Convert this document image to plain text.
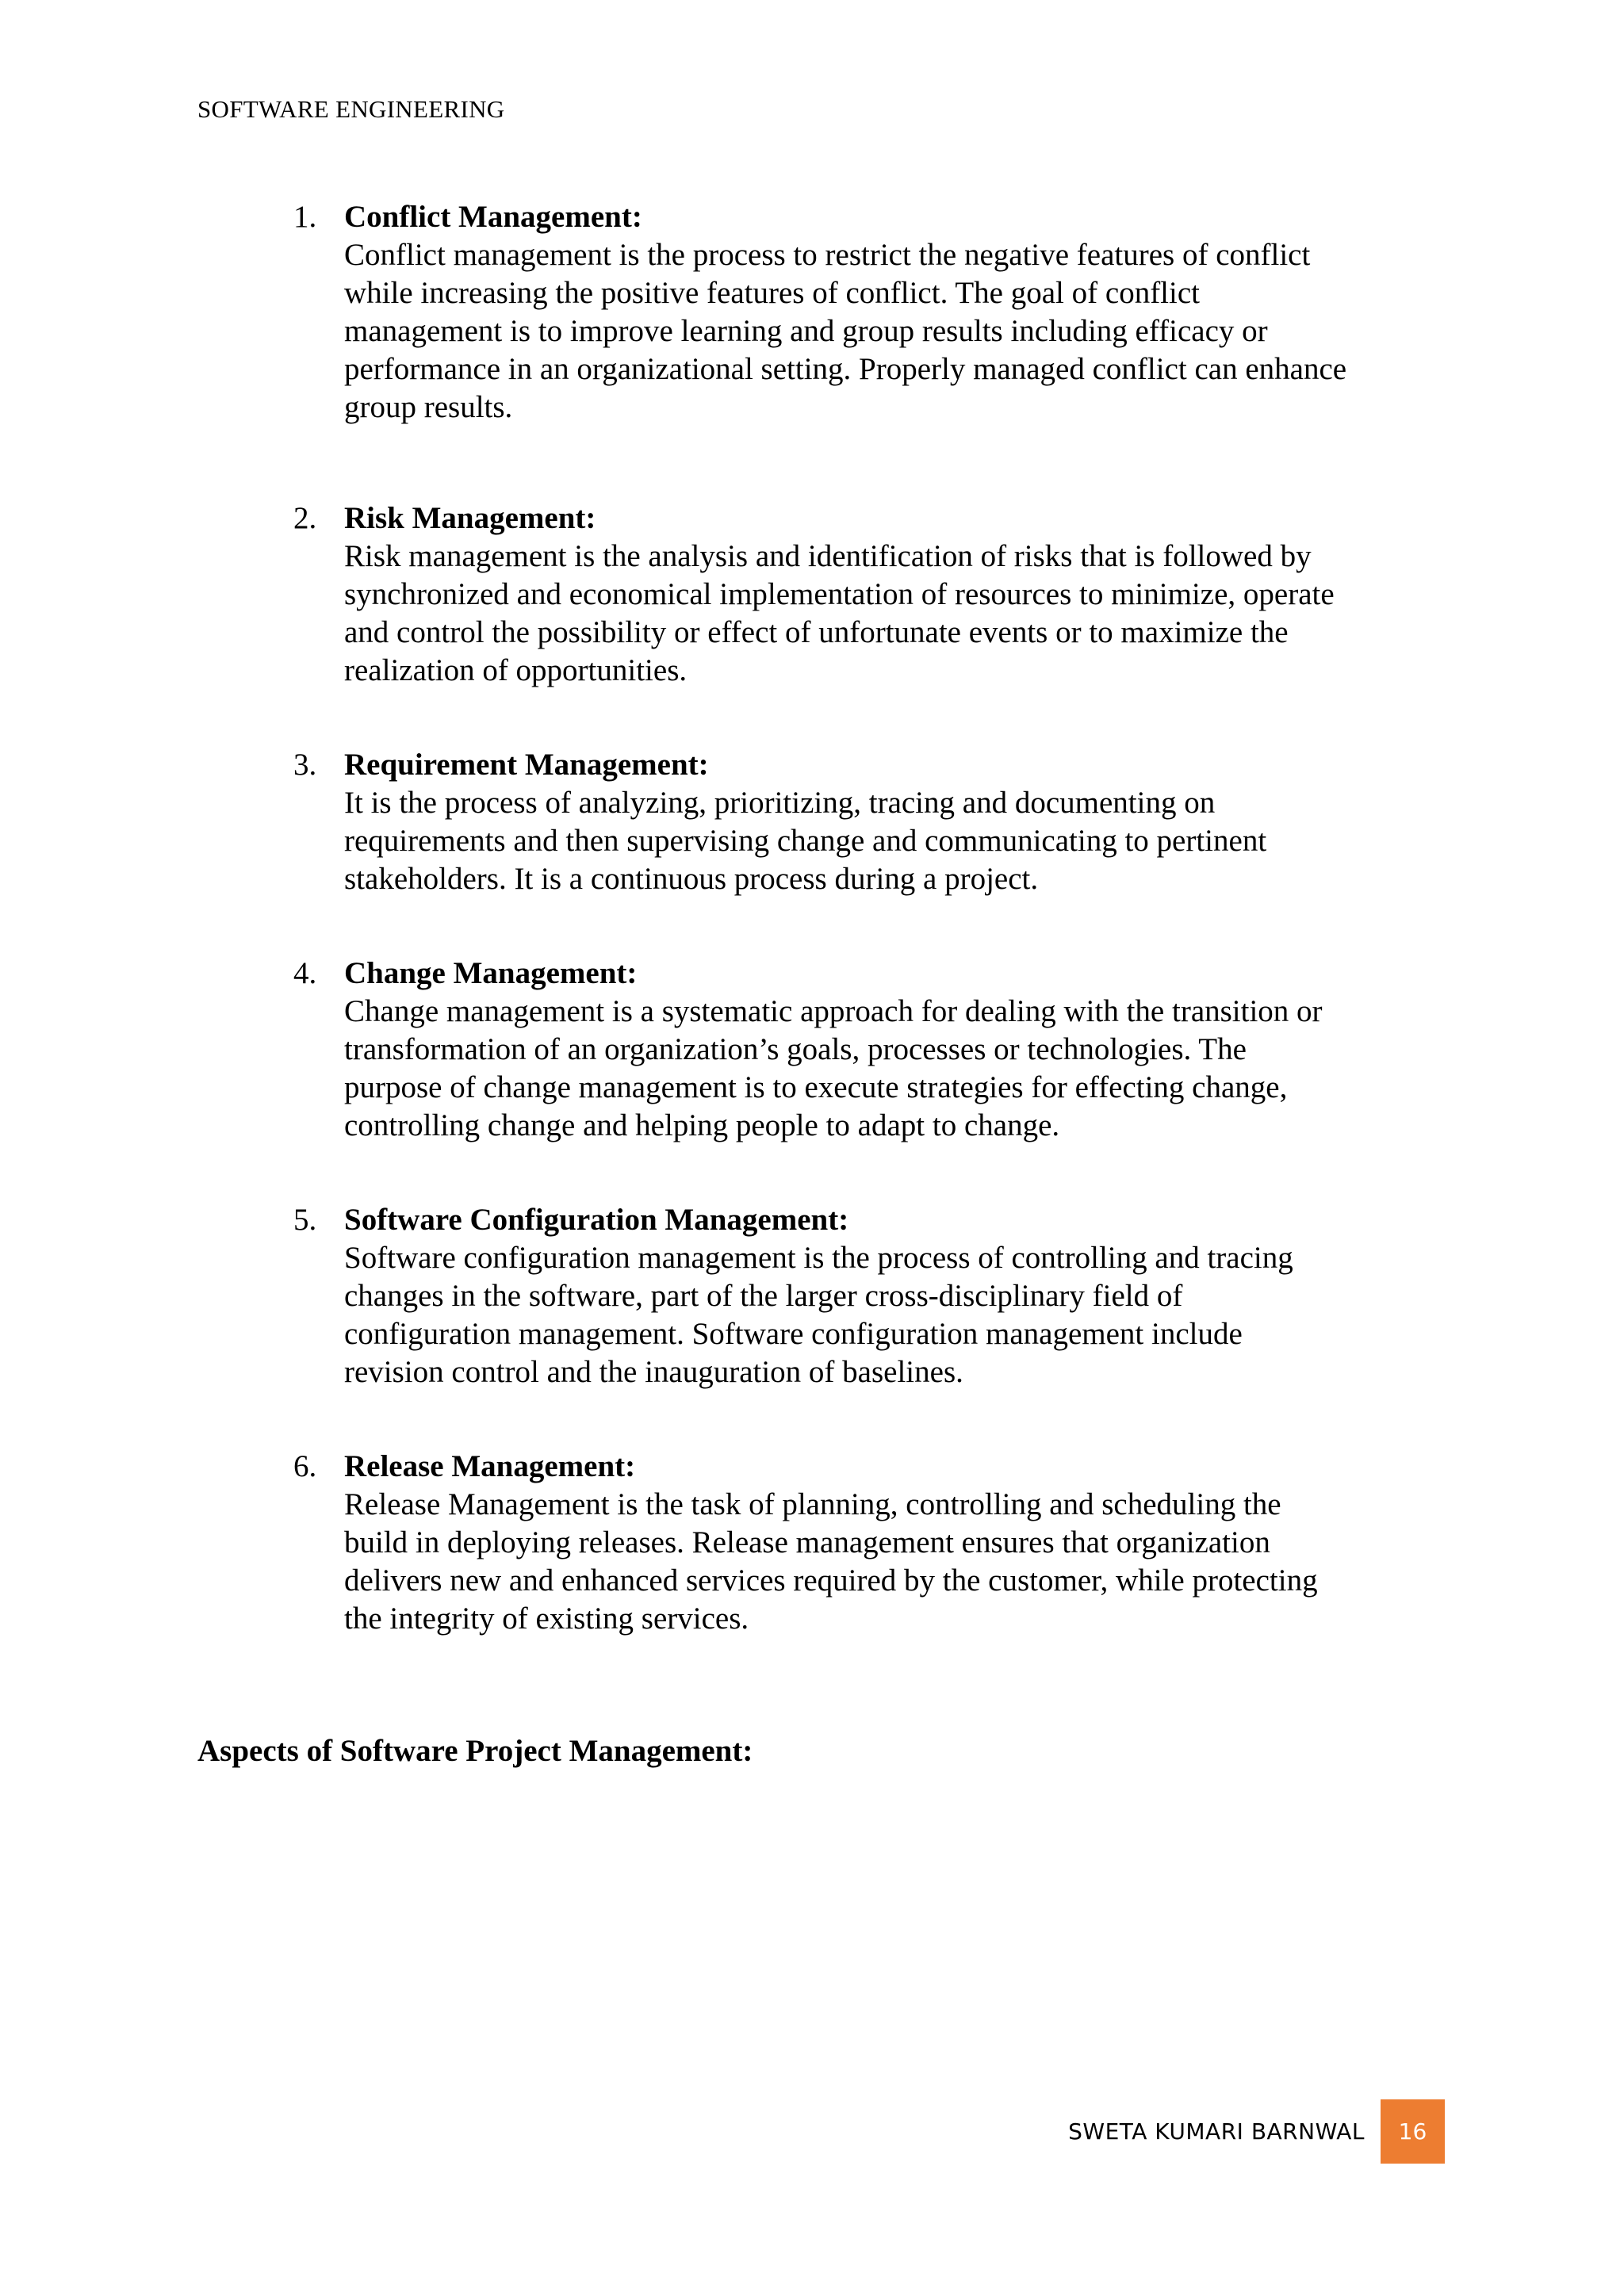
SOFTWARE ENGINEERING
1. Conflict Management:
Conflict management is the process to restrict the negative features of conflict
while increasing the positive features of conflict. The goal of conflict
management is to improve learning and group results including efficacy or
performance in an organizational setting. Properly managed conflict can enhance
group results.
2. Risk Management:
Risk management is the analysis and identification of risks that is followed by
synchronized and economical implementation of resources to minimize, operate
and control the possibility or effect of unfortunate events or to maximize the
realization of opportunities.
3. Requirement Management:
It is the process of analyzing, prioritizing, tracing and documenting on
requirements and then supervising change and communicating to pertinent
stakeholders. It is a continuous process during a project.
4. Change Management:
Change management is a systematic approach for dealing with the transition or
transformation of an organization’s goals, processes or technologies. The
purpose of change management is to execute strategies for effecting change,
controlling change and helping people to adapt to change.
5. Software Configuration Management:
Software configuration management is the process of controlling and tracing
changes in the software, part of the larger cross-disciplinary field of
configuration management. Software configuration management include
revision control and the inauguration of baselines.
6. Release Management:
Release Management is the task of planning, controlling and scheduling the
build in deploying releases. Release management ensures that organization
delivers new and enhanced services required by the customer, while protecting
the integrity of existing services.
Aspects of Software Project Management:
SWETA KUMARI BARNWAL	16
